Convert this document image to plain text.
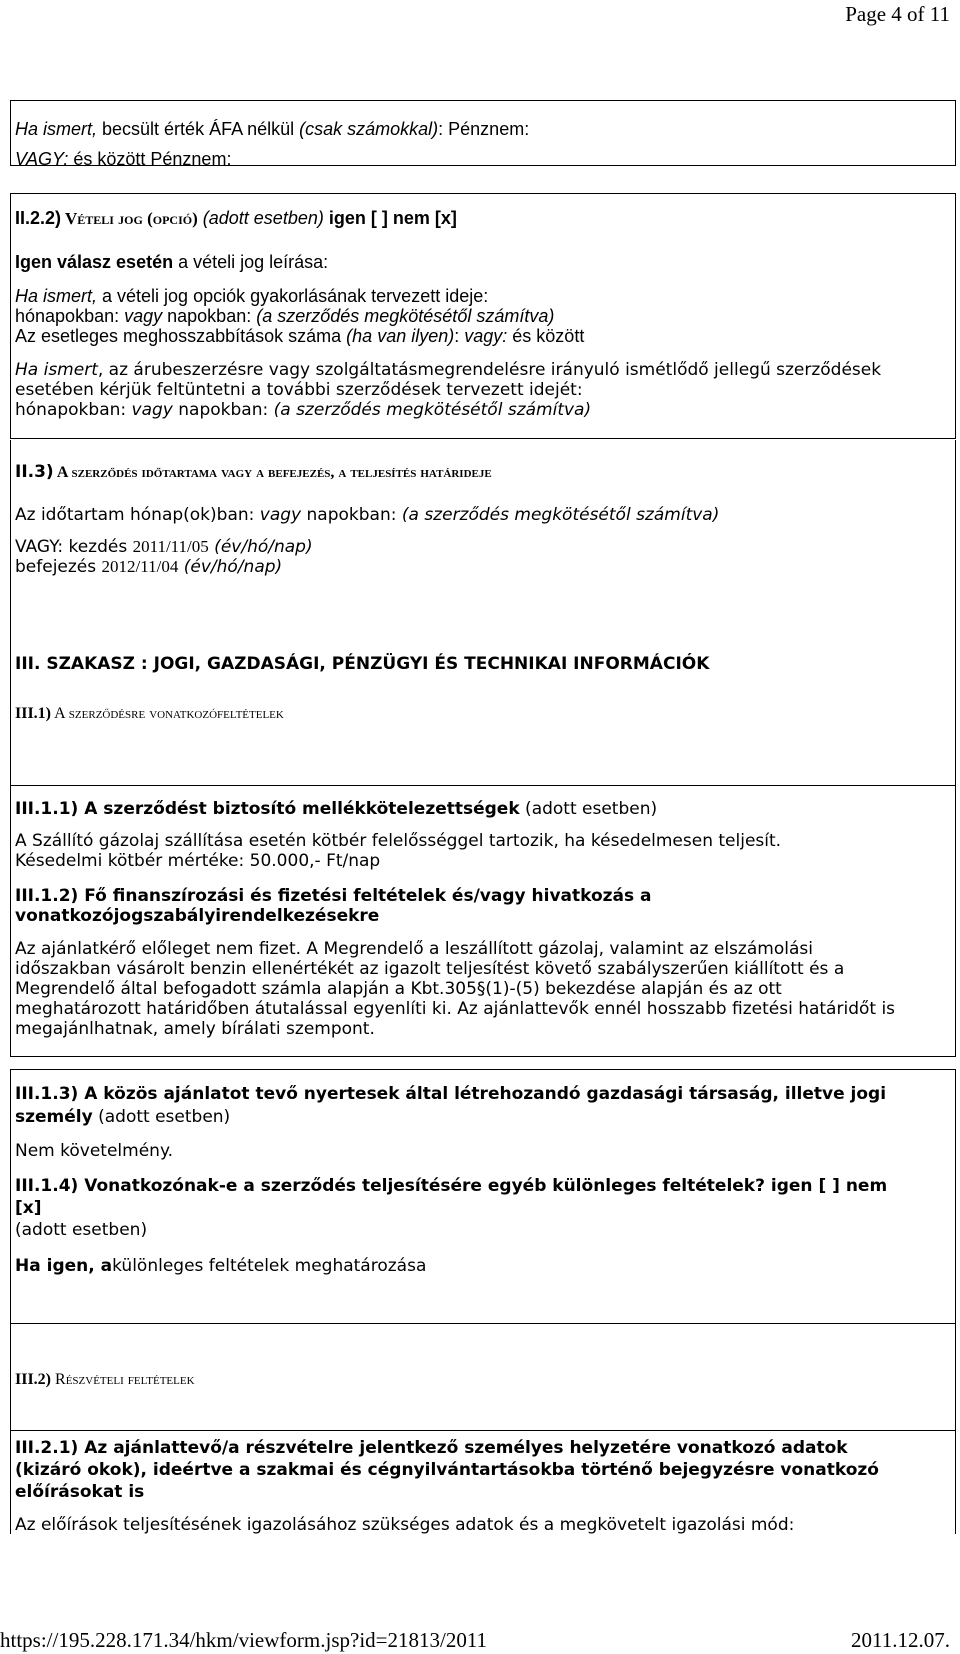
Page 4 of 11
Ha ismert, becsült érték ÁFA nélkül (csak számokkal): Pénznem:
VAGY: és között Pénznem:
II.2.2) Vételi jog (opció) (adott esetben) igen [ ] nem [x]
Igen válasz esetén a vételi jog leírása:
Ha ismert, a vételi jog opciók gyakorlásának tervezett ideje:
hónapokban: vagy napokban: (a szerződés megkötésétől számítva)
Az esetleges meghosszabbítások száma (ha van ilyen): vagy: és között
Ha ismert, az árubeszerzésre vagy szolgáltatásmegrendelésre irányuló ismétlődő jellegű szerződések
esetében kérjük feltüntetni a további szerződések tervezett idejét:
hónapokban: vagy napokban: (a szerződés megkötésétől számítva)
II.3) A szerződés időtartama vagy a befejezés, a teljesítés határideje
Az időtartam hónap(ok)ban: vagy napokban: (a szerződés megkötésétől számítva)
VAGY: kezdés 2011/11/05 (év/hó/nap)
befejezés 2012/11/04 (év/hó/nap)
III. SZAKASZ : JOGI, GAZDASÁGI, PÉNZÜGYI ÉS TECHNIKAI INFORMÁCIÓK
III.1) A szerződésre vonatkozófeltételek
III.1.1) A szerződést biztosító mellékkötelezettségek (adott esetben)
A Szállító gázolaj szállítása esetén kötbér felelősséggel tartozik, ha késedelmesen teljesít.
Késedelmi kötbér mértéke: 50.000,- Ft/nap
III.1.2) Fő finanszírozási és fizetési feltételek és/vagy hivatkozás a
vonatkozójogszabályirendelkezésekre
Az ajánlatkérő előleget nem fizet. A Megrendelő a leszállított gázolaj, valamint az elszámolási
időszakban vásárolt benzin ellenértékét az igazolt teljesítést követő szabályszerűen kiállított és a
Megrendelő által befogadott számla alapján a Kbt.305§(1)-(5) bekezdése alapján és az ott
meghatározott határidőben átutalással egyenlíti ki. Az ajánlattevők ennél hosszabb fizetési határidőt is
megajánlhatnak, amely bírálati szempont.
III.1.3) A közös ajánlatot tevő nyertesek által létrehozandó gazdasági társaság, illetve jogi
személy (adott esetben)
Nem követelmény.
III.1.4) Vonatkozónak-e a szerződés teljesítésére egyéb különleges feltételek? igen [ ] nem
[x]
(adott esetben)
Ha igen, akülönleges feltételek meghatározása
III.2) Részvételi feltételek
III.2.1) Az ajánlattevő/a részvételre jelentkező személyes helyzetére vonatkozó adatok
(kizáró okok), ideértve a szakmai és cégnyilvántartásokba történő bejegyzésre vonatkozó
előírásokat is
Az előírások teljesítésének igazolásához szükséges adatok és a megkövetelt igazolási mód:
https://195.228.171.34/hkm/viewform.jsp?id=21813/2011	2011.12.07.
